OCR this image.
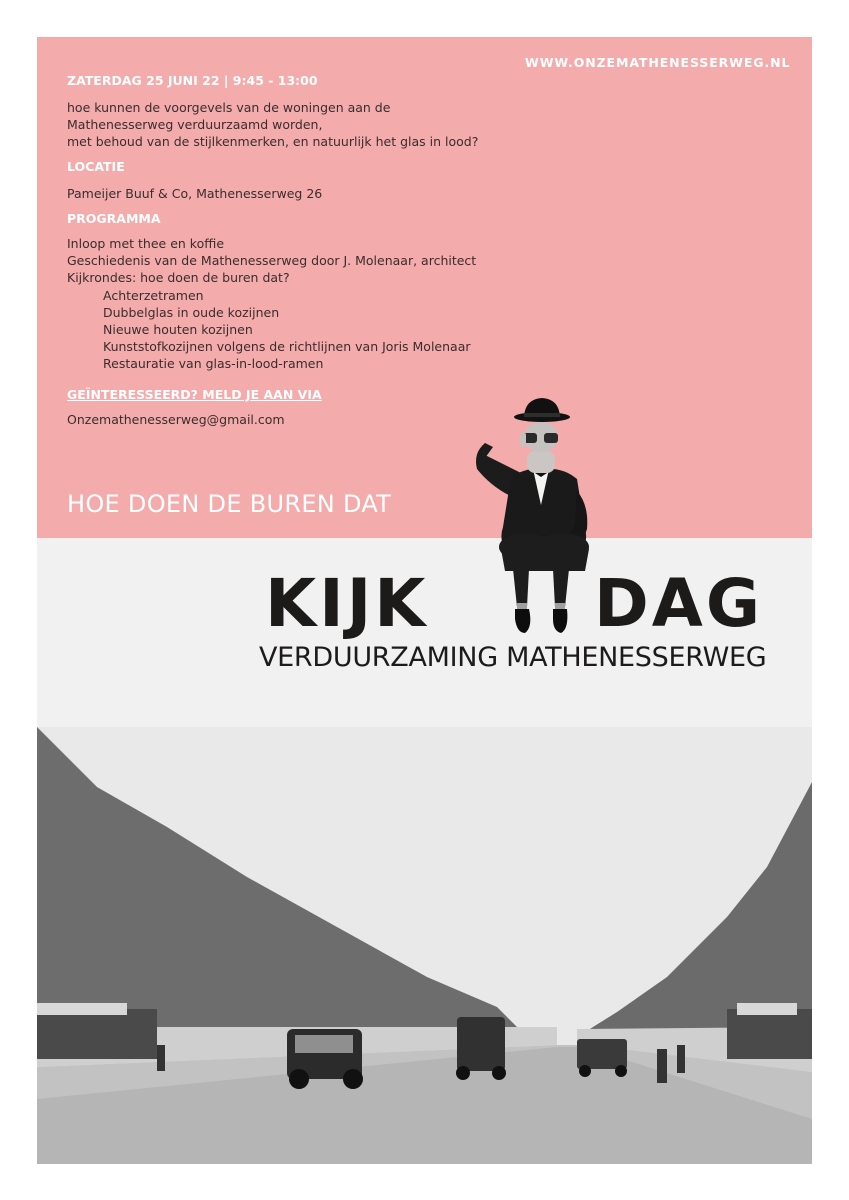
WWW.ONZEMATHENESSERWEG.NL

ZATERDAG 25 JUNI 22 | 9:45 - 13:00

hoe kunnen de voorgevels van de woningen aan de
Mathenesserweg verduurzaamd worden,
met behoud van de stijlkenmerken, en natuurlijk het glas in lood?

LOCATIE

Pameijer Buuf & Co, Mathenesserweg 26

PROGRAMMA

Inloop met thee en koffie
Geschiedenis van de Mathenesserweg door J. Molenaar, architect
Kijkrondes: hoe doen de buren dat?
Achterzetramen
Dubbelglas in oude kozijnen
Nieuwe houten kozijnen
Kunststofkozijnen volgens de richtlijnen van Joris Molenaar
Restauratie van glas-in-lood-ramen

GEÏNTERESSEERD? MELD JE AAN VIA

Onzemathenesserweg@gmail.com

HOE DOEN DE BUREN DAT

KIJK	DAG

VERDUURZAMING MATHENESSERWEG
